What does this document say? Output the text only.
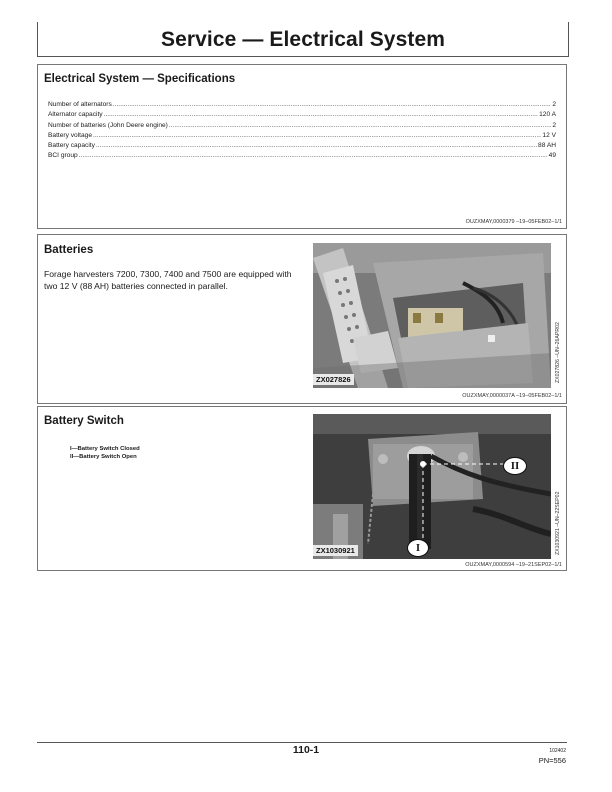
Service — Electrical System
Electrical System — Specifications
Number of alternators .....	2
Alternator capacity .....	120 A
Number of batteries (John Deere engine) .....	2
Battery voltage .....	12 V
Battery capacity .....	88 AH
BCI group .....	49
OUZXMAY,0000379 –19–05FEB02–1/1
Batteries

Forage harvesters 7200, 7300, 7400 and 7500 are equipped with two 12 V (88 AH) batteries connected in parallel.

ZX027826	ZX027826 –UN–26APR02
OUZXMAY,0000037A –19–05FEB02–1/1
Battery Switch
I—Battery Switch Closed
II—Battery Switch Open
I
II
ZX1030921	ZX1030921 –UN–22SEP02
OUZXMAY,0000594 –19–21SEP02–1/1
110-1	102402
PN=556
